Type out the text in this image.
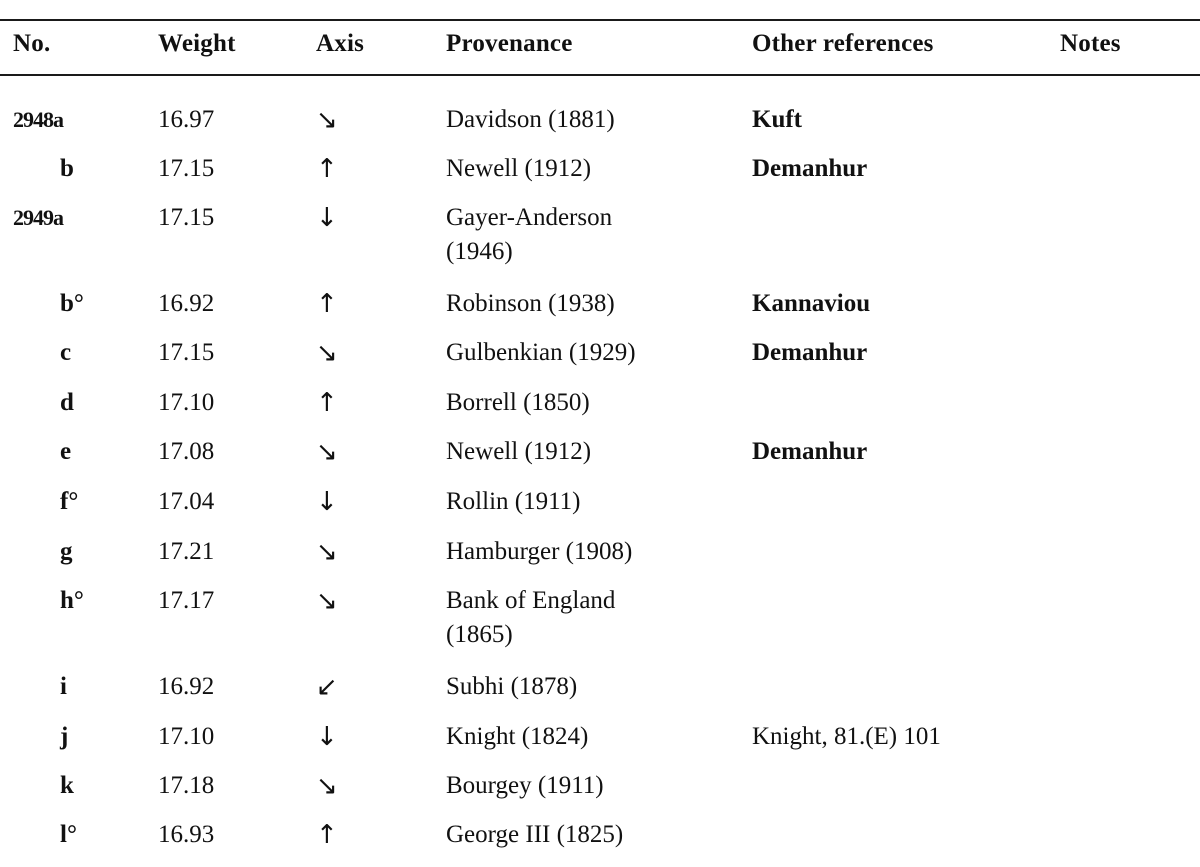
No.	Weight	Axis	Provenance	Other references	Notes
2948a	16.97	↘	Davidson (1881)	Kuft
b	17.15	↑	Newell (1912)	Demanhur
2949a	17.15	↓	Gayer-Anderson (1946)
b°	16.92	↑	Robinson (1938)	Kannaviou
c	17.15	↘	Gulbenkian (1929)	Demanhur
d	17.10	↑	Borrell (1850)
e	17.08	↘	Newell (1912)	Demanhur
f°	17.04	↓	Rollin (1911)
g	17.21	↘	Hamburger (1908)
h°	17.17	↘	Bank of England (1865)
i	16.92	↙	Subhi (1878)
j	17.10	↓	Knight (1824)	Knight, 81.(E) 101
k	17.18	↘	Bourgey (1911)
l°	16.93	↑	George III (1825)
